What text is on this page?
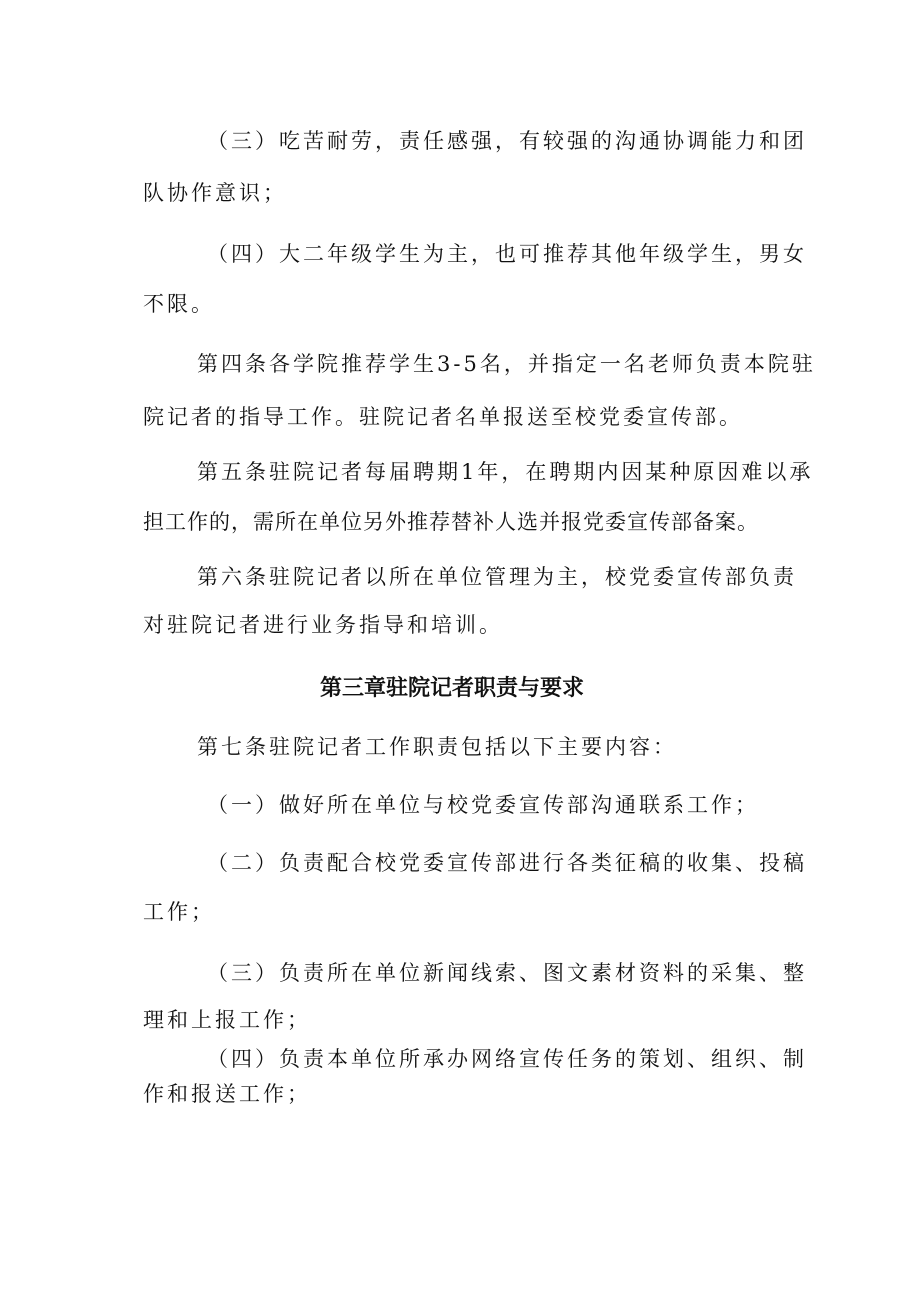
（三）吃苦耐劳，责任感强，有较强的沟通协调能力和团
队协作意识；
（四）大二年级学生为主，也可推荐其他年级学生，男女
不限。
第四条各学院推荐学生3-5名，并指定一名老师负责本院驻
院记者的指导工作。驻院记者名单报送至校党委宣传部。
第五条驻院记者每届聘期1年，在聘期内因某种原因难以承
担工作的，需所在单位另外推荐替补人选并报党委宣传部备案。
第六条驻院记者以所在单位管理为主，校党委宣传部负责
对驻院记者进行业务指导和培训。
第三章驻院记者职责与要求
第七条驻院记者工作职责包括以下主要内容：
（一）做好所在单位与校党委宣传部沟通联系工作；
（二）负责配合校党委宣传部进行各类征稿的收集、投稿
工作；
（三）负责所在单位新闻线索、图文素材资料的采集、整
理和上报工作；
（四）负责本单位所承办网络宣传任务的策划、组织、制
作和报送工作；
